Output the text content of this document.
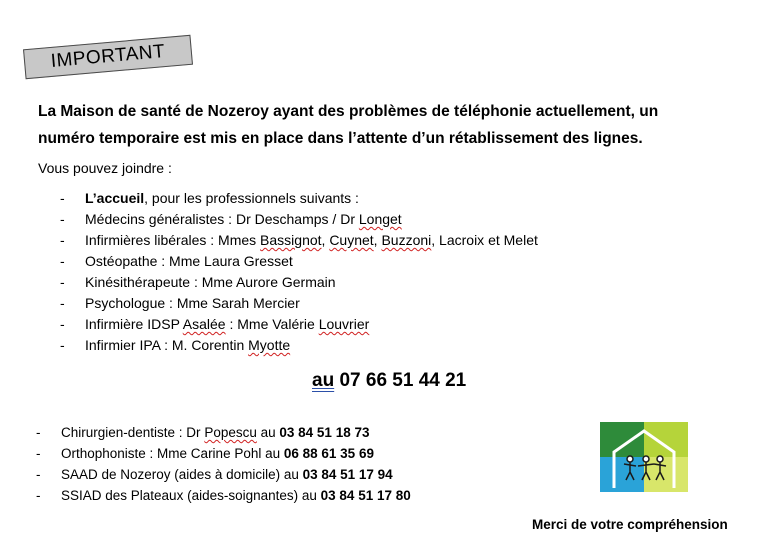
IMPORTANT
La Maison de santé de Nozeroy ayant des problèmes de téléphonie actuellement, un
numéro temporaire est mis en place dans l’attente d’un rétablissement des lignes.
Vous pouvez joindre :
-	L’accueil, pour les professionnels suivants :
-	Médecins généralistes : Dr Deschamps / Dr Longet
-	Infirmières libérales : Mmes Bassignot, Cuynet, Buzzoni, Lacroix et Melet
-	Ostéopathe : Mme Laura Gresset
-	Kinésithérapeute : Mme Aurore Germain
-	Psychologue : Mme Sarah Mercier
-	Infirmière IDSP Asalée : Mme Valérie Louvrier
-	Infirmier IPA : M. Corentin Myotte
au 07 66 51 44 21
-	Chirurgien-dentiste : Dr Popescu au 03 84 51 18 73
-	Orthophoniste : Mme Carine Pohl au 06 88 61 35 69
-	SAAD de Nozeroy (aides à domicile) au 03 84 51 17 94
-	SSIAD des Plateaux (aides-soignantes) au 03 84 51 17 80
Merci de votre compréhension
